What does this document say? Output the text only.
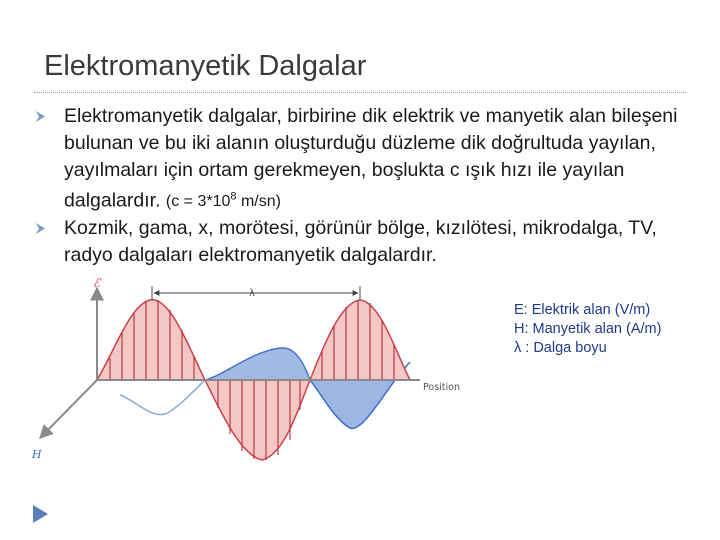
Elektromanyetik Dalgalar
Elektromanyetik dalgalar, birbirine dik elektrik ve manyetik alan bileşeni bulunan ve bu iki alanın oluşturduğu düzleme dik doğrultuda yayılan, yayılmaları için ortam gerekmeyen, boşlukta c ışık hızı ile yayılan dalgalardır. ($c = 3*10^8$ m/sn)
Kozmik, gama, x, morötesi, görünür bölge, kızılötesi, mikrodalga, TV, radyo dalgaları elektromanyetik dalgalardır.
λ
ℰ
H
Position
E: Elektrik alan (V/m)
H: Manyetik alan (A/m)
λ : Dalga boyu
